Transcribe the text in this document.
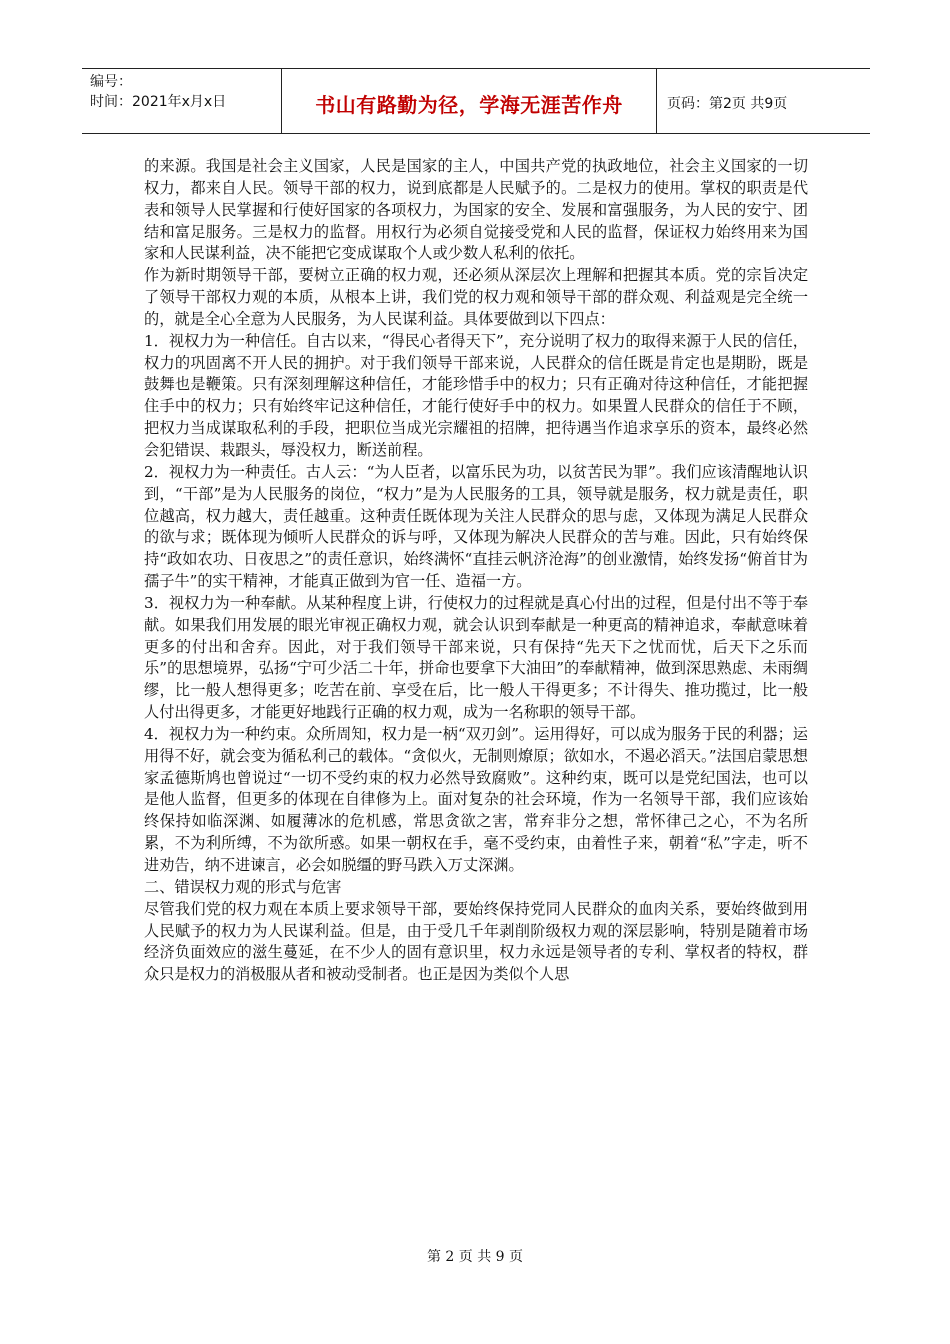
编号：
时间：2021年x月x日	书山有路勤为径，学海无涯苦作舟	页码：第2页 共9页

的来源。我国是社会主义国家，人民是国家的主人，中国共产党的执政地位，社会主义国家的一切权力，都来自人民。领导干部的权力，说到底都是人民赋予的。二是权力的使用。掌权的职责是代表和领导人民掌握和行使好国家的各项权力，为国家的安全、发展和富强服务，为人民的安宁、团结和富足服务。三是权力的监督。用权行为必须自觉接受党和人民的监督，保证权力始终用来为国家和人民谋利益，决不能把它变成谋取个人或少数人私利的依托。

作为新时期领导干部，要树立正确的权力观，还必须从深层次上理解和把握其本质。党的宗旨决定了领导干部权力观的本质，从根本上讲，我们党的权力观和领导干部的群众观、利益观是完全统一的，就是全心全意为人民服务，为人民谋利益。具体要做到以下四点：

1．视权力为一种信任。自古以来，“得民心者得天下”，充分说明了权力的取得来源于人民的信任，权力的巩固离不开人民的拥护。对于我们领导干部来说，人民群众的信任既是肯定也是期盼，既是鼓舞也是鞭策。只有深刻理解这种信任，才能珍惜手中的权力；只有正确对待这种信任，才能把握住手中的权力；只有始终牢记这种信任，才能行使好手中的权力。如果置人民群众的信任于不顾，把权力当成谋取私利的手段，把职位当成光宗耀祖的招牌，把待遇当作追求享乐的资本，最终必然会犯错误、栽跟头，辱没权力，断送前程。

2．视权力为一种责任。古人云：“为人臣者，以富乐民为功，以贫苦民为罪”。我们应该清醒地认识到，“干部”是为人民服务的岗位，“权力”是为人民服务的工具，领导就是服务，权力就是责任，职位越高，权力越大，责任越重。这种责任既体现为关注人民群众的思与虑，又体现为满足人民群众的欲与求；既体现为倾听人民群众的诉与呼，又体现为解决人民群众的苦与难。因此，只有始终保持“政如农功、日夜思之”的责任意识，始终满怀“直挂云帆济沧海”的创业激情，始终发扬“俯首甘为孺子牛”的实干精神，才能真正做到为官一任、造福一方。

3．视权力为一种奉献。从某种程度上讲，行使权力的过程就是真心付出的过程，但是付出不等于奉献。如果我们用发展的眼光审视正确权力观，就会认识到奉献是一种更高的精神追求，奉献意味着更多的付出和舍弃。因此，对于我们领导干部来说，只有保持“先天下之忧而忧，后天下之乐而乐”的思想境界，弘扬“宁可少活二十年，拼命也要拿下大油田”的奉献精神，做到深思熟虑、未雨绸缪，比一般人想得更多；吃苦在前、享受在后，比一般人干得更多；不计得失、推功揽过，比一般人付出得更多，才能更好地践行正确的权力观，成为一名称职的领导干部。

4．视权力为一种约束。众所周知，权力是一柄“双刃剑”。运用得好，可以成为服务于民的利器；运用得不好，就会变为循私利己的载体。“贪似火，无制则燎原；欲如水，不遏必滔天。”法国启蒙思想家孟德斯鸠也曾说过“一切不受约束的权力必然导致腐败”。这种约束，既可以是党纪国法，也可以是他人监督，但更多的体现在自律修为上。面对复杂的社会环境，作为一名领导干部，我们应该始终保持如临深渊、如履薄冰的危机感，常思贪欲之害，常弃非分之想，常怀律己之心，不为名所累，不为利所缚，不为欲所惑。如果一朝权在手，毫不受约束，由着性子来，朝着“私”字走，听不进劝告，纳不进谏言，必会如脱缰的野马跌入万丈深渊。

二、错误权力观的形式与危害

尽管我们党的权力观在本质上要求领导干部，要始终保持党同人民群众的血肉关系，要始终做到用人民赋予的权力为人民谋利益。但是，由于受几千年剥削阶级权力观的深层影响，特别是随着市场经济负面效应的滋生蔓延，在不少人的固有意识里，权力永远是领导者的专利、掌权者的特权，群众只是权力的消极服从者和被动受制者。也正是因为类似个人思

第 2 页 共 9 页
